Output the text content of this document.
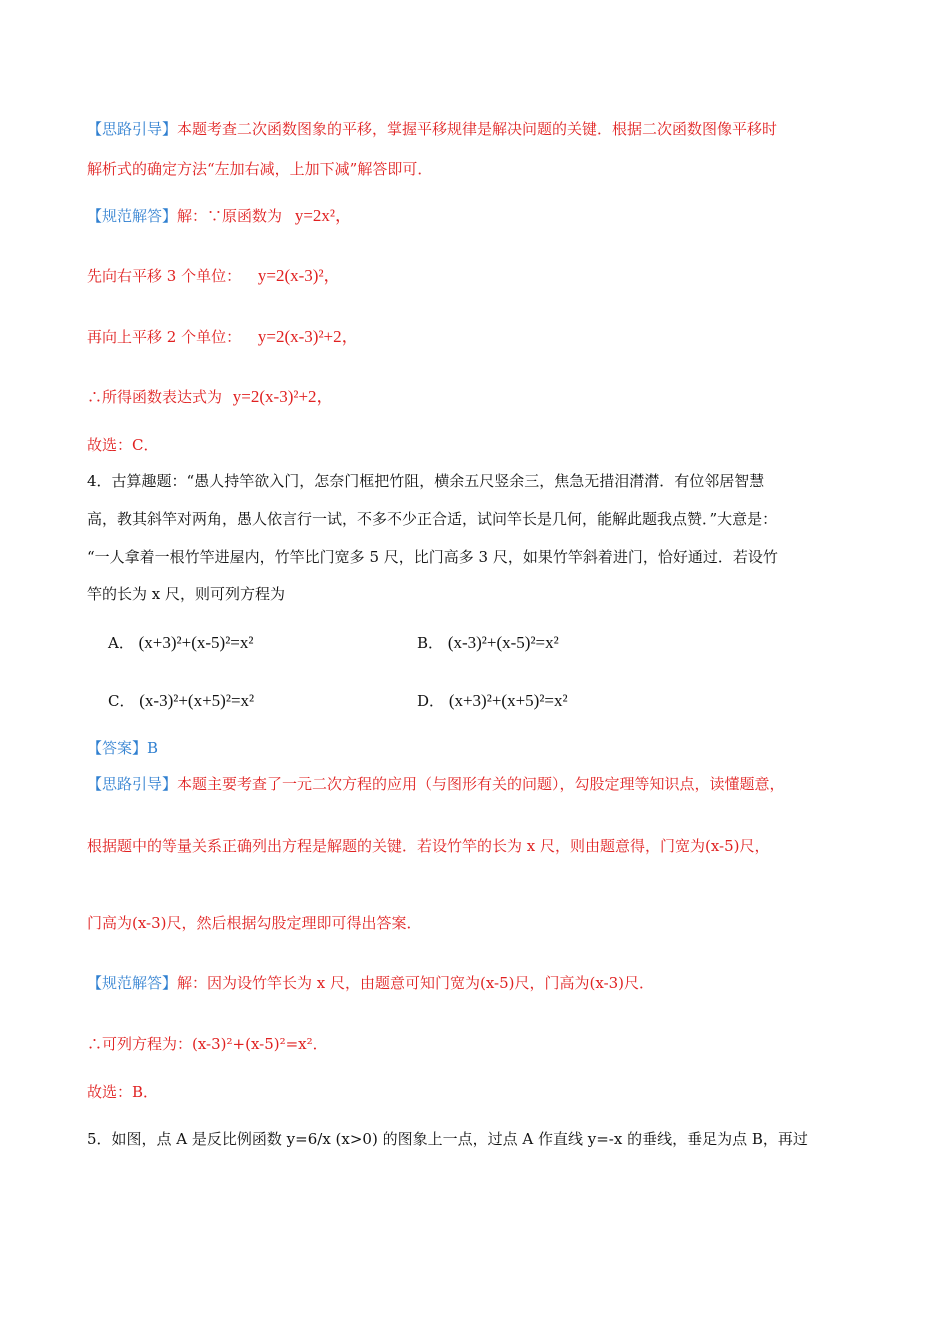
【思路引导】本题考查二次函数图象的平移，掌握平移规律是解决问题的关键．根据二次函数图像平移时
解析式的确定方法“左加右减，上加下减”解答即可．
【规范解答】解：∵原函数为 y=2x²，
先向右平移 3 个单位： y=2(x-3)²，
再向上平移 2 个单位： y=2(x-3)²+2，
∴所得函数表达式为 y=2(x-3)²+2，
故选：C．
4．古算趣题：“愚人持竿欲入门，怎奈门框把竹阻，横余五尺竖余三，焦急无措泪潸潸．有位邻居智慧
高，教其斜竿对两角，愚人依言行一试，不多不少正合适，试问竿长是几何，能解此题我点赞．”大意是：
“一人拿着一根竹竿进屋内，竹竿比门宽多 5 尺，比门高多 3 尺，如果竹竿斜着进门，恰好通过．若设竹
竿的长为 x 尺，则可列方程为
A． (x+3)²+(x-5)²=x²	B． (x-3)²+(x-5)²=x²
C． (x-3)²+(x+5)²=x²	D． (x+3)²+(x+5)²=x²
【答案】B
【思路引导】本题主要考查了一元二次方程的应用（与图形有关的问题），勾股定理等知识点，读懂题意，
根据题中的等量关系正确列出方程是解题的关键．若设竹竿的长为 x 尺，则由题意得，门宽为(x-5)尺，
门高为(x-3)尺，然后根据勾股定理即可得出答案．
【规范解答】解：因为设竹竿长为 x 尺，由题意可知门宽为(x-5)尺，门高为(x-3)尺．
∴可列方程为：(x-3)²+(x-5)²=x²．
故选：B．
5．如图，点 A 是反比例函数 y=6/x (x>0) 的图象上一点，过点 A 作直线 y=-x 的垂线，垂足为点 B，再过
